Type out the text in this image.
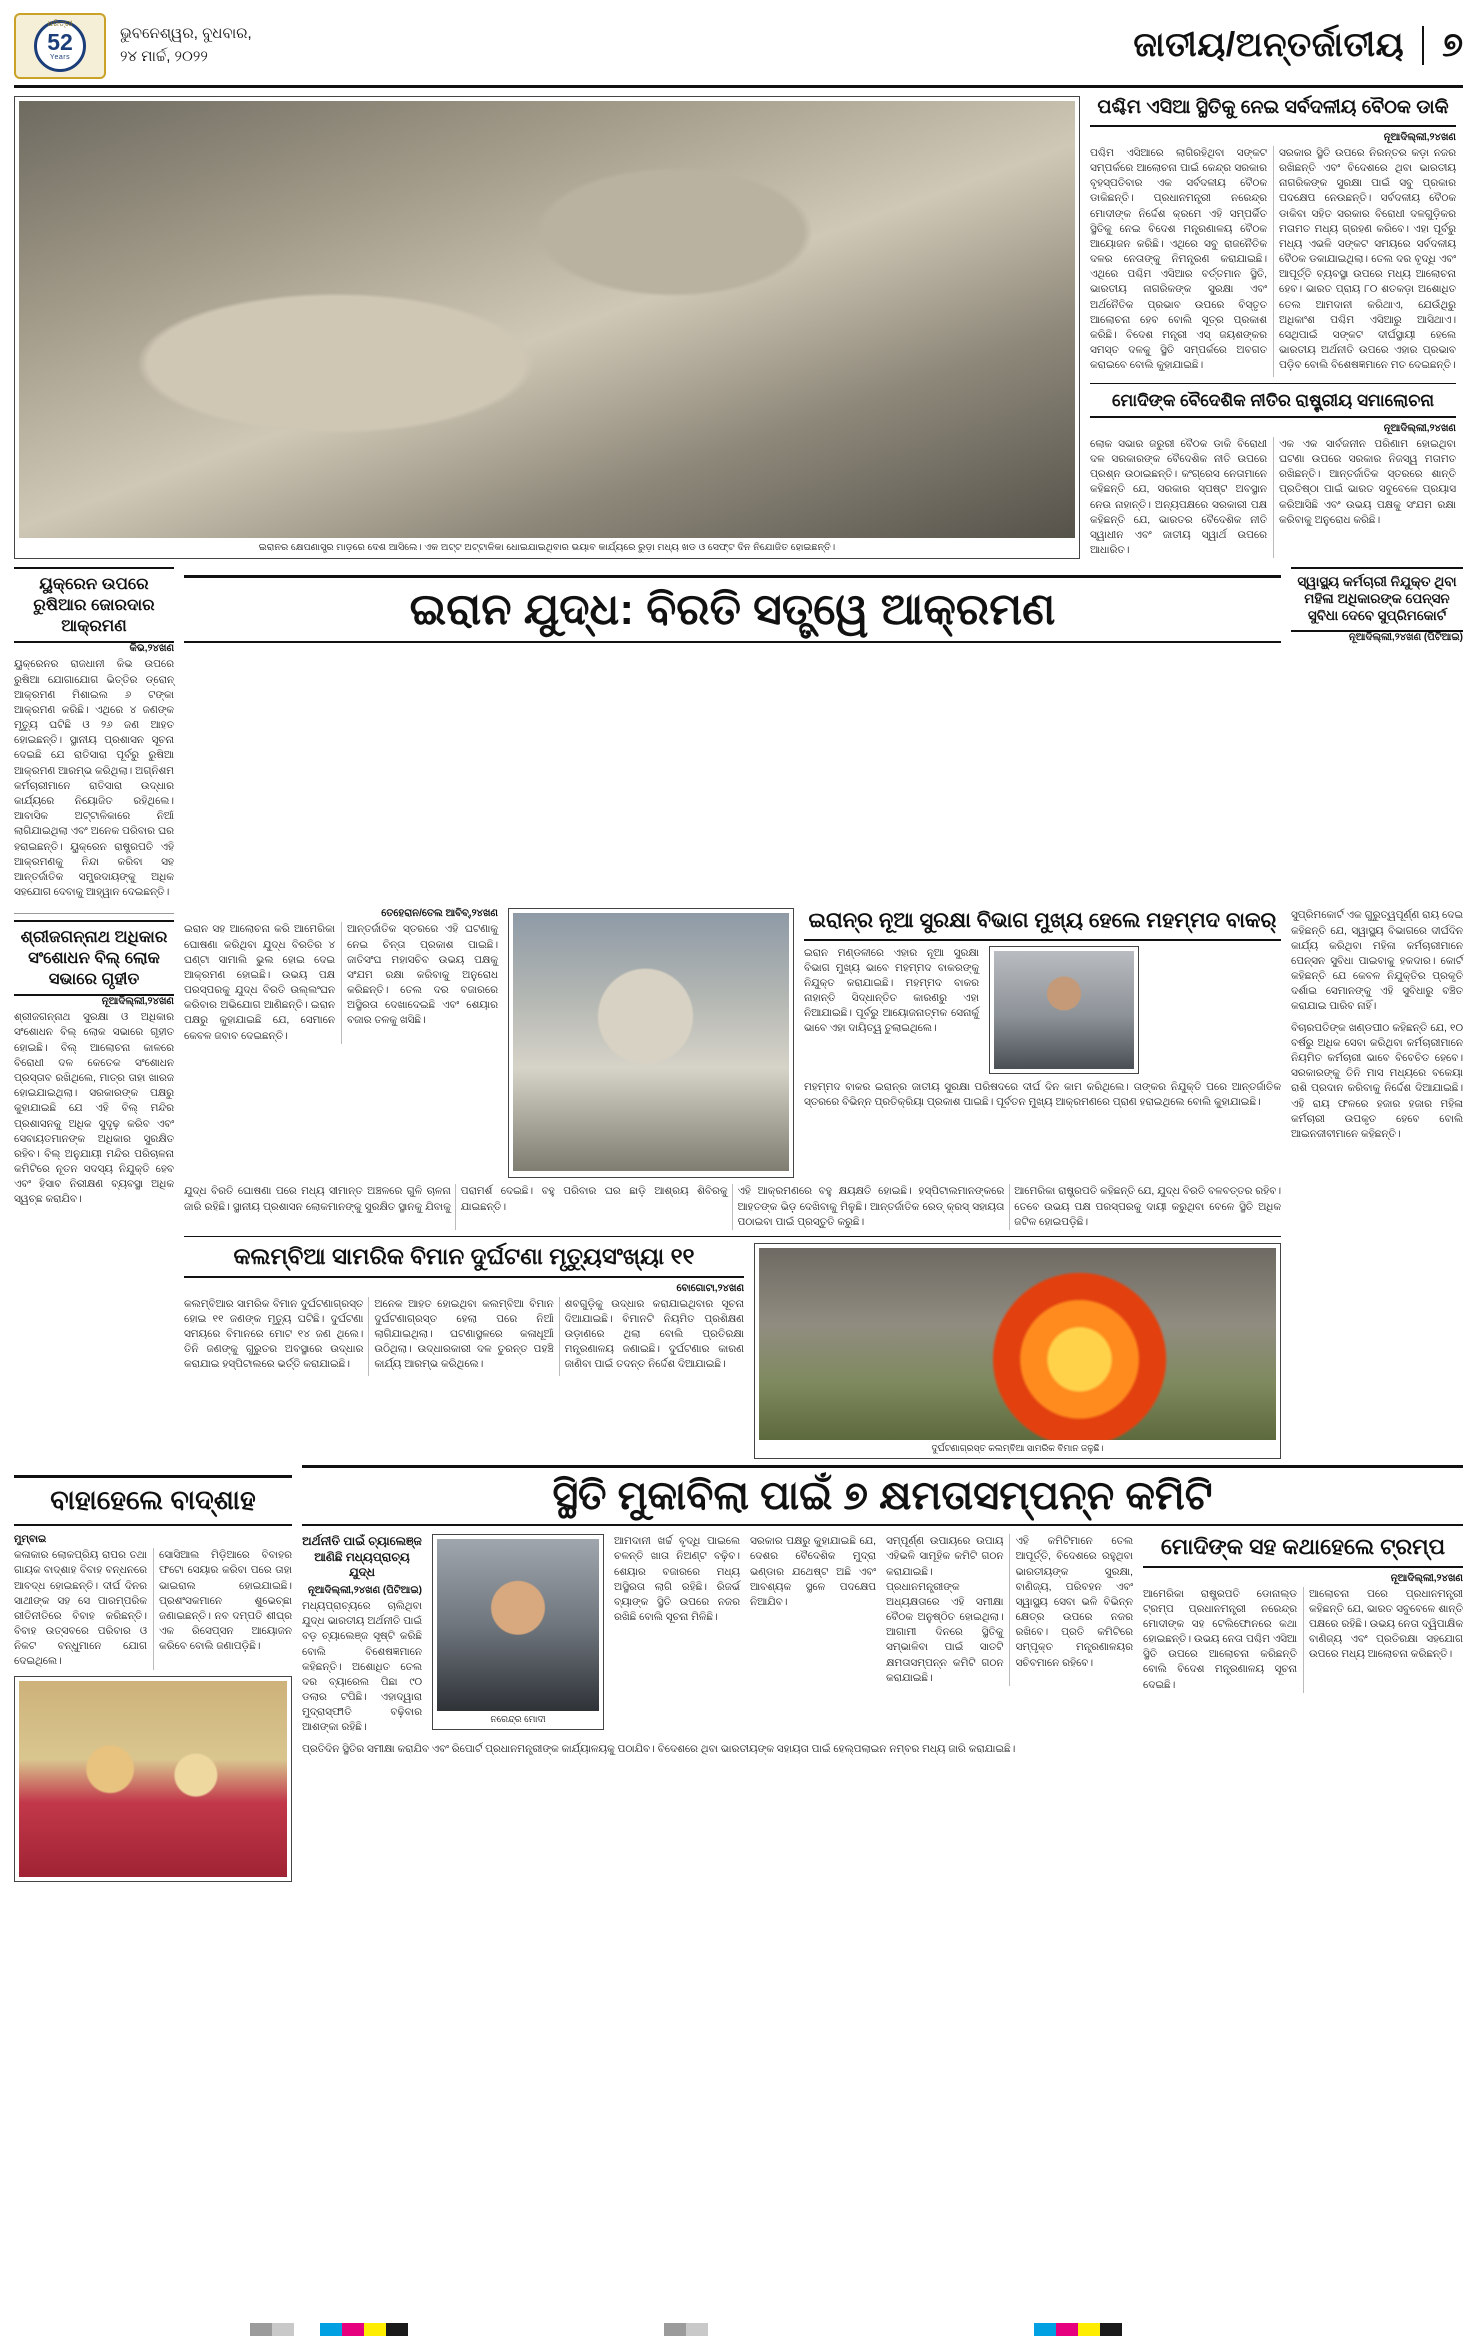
ଧରିତ୍ରୀ
52
Years
ଭୁବନେଶ୍ୱର, ବୁଧବାର,
୨୪ ମାର୍ଚ୍ଚ, ୨୦୨୨	ଜାତୀୟ/ଅନ୍ତର୍ଜାତୀୟ	୭
ଇରାନର କ୍ଷେପଣାସ୍ତ୍ର ମାଡ଼ରେ ଦେଶ ଆସିଲେ। ଏକ ଅଟ୍ଟ ଅଟ୍ଟାଳିକା ଧୋଇଯାଇଥିବାର ଭୟାବ କାର୍ଯ୍ୟରେ ରୁଡ଼ା ମଧ୍ୟ ଖଡ ଓ ସେଫ୍ଟ ଦିନ ନିଯୋଜିତ ହୋଇଛନ୍ତି।
ପଶ୍ଚିମ ଏସିଆ ସ୍ଥିତିକୁ ନେଇ ସର୍ବଦଳୀୟ ବୈଠକ ଡାକି
ନୂଆଦିଲ୍ଲୀ,୨୪ଖଣ

ପଶ୍ଚିମ ଏସିଆରେ ଲାଗିରହିଥିବା ସଙ୍କଟ ସମ୍ପର୍କରେ ଆଲୋଚନା ପାଇଁ କେନ୍ଦ୍ର ସରକାର ବୃହସ୍ପତିବାର ଏକ ସର୍ବଦଳୀୟ ବୈଠକ ଡାକିଛନ୍ତି। ପ୍ରଧାନମନ୍ତ୍ରୀ ନରେନ୍ଦ୍ର ମୋଦୀଙ୍କ ନିର୍ଦ୍ଦେଶ କ୍ରମେ ଏହି ସମ୍ପର୍କିତ ସ୍ଥିତିକୁ ନେଇ ବିଦେଶ ମନ୍ତ୍ରଣାଳୟ ବୈଠକ ଆୟୋଜନ କରିଛି। ଏଥିରେ ସବୁ ରାଜନୈତିକ ଦଳର ନେତାଙ୍କୁ ନିମନ୍ତ୍ରଣ କରାଯାଇଛି। ଏଥିରେ ପଶ୍ଚିମ ଏସିଆର ବର୍ତ୍ତମାନ ସ୍ଥିତି, ଭାରତୀୟ ନାଗରିକଙ୍କ ସୁରକ୍ଷା ଏବଂ ଅର୍ଥନୈତିକ ପ୍ରଭାବ ଉପରେ ବିସ୍ତୃତ ଆଲୋଚନା ହେବ ବୋଲି ସୂତ୍ର ପ୍ରକାଶ କରିଛି। ବିଦେଶ ମନ୍ତ୍ରୀ ଏସ୍ ଜୟଶଙ୍କର ସମସ୍ତ ଦଳକୁ ସ୍ଥିତି ସମ୍ପର୍କରେ ଅବଗତ କରାଇବେ ବୋଲି କୁହାଯାଇଛି।

ସରକାର ସ୍ଥିତି ଉପରେ ନିରନ୍ତର କଡ଼ା ନଜର ରଖିଛନ୍ତି ଏବଂ ବିଦେଶରେ ଥିବା ଭାରତୀୟ ନାଗରିକଙ୍କ ସୁରକ୍ଷା ପାଇଁ ସବୁ ପ୍ରକାର ପଦକ୍ଷେପ ନେଉଛନ୍ତି। ସର୍ବଦଳୀୟ ବୈଠକ ଡାକିବା ସହିତ ସରକାର ବିରୋଧୀ ଦଳଗୁଡ଼ିକର ମତାମତ ମଧ୍ୟ ଗ୍ରହଣ କରିବେ। ଏହା ପୂର୍ବରୁ ମଧ୍ୟ ଏଭଳି ସଙ୍କଟ ସମୟରେ ସର୍ବଦଳୀୟ ବୈଠକ ଡକାଯାଇଥିଲା। ତେଲ ଦର ବୃଦ୍ଧି ଏବଂ ଆପୂର୍ତ୍ତି ବ୍ୟବସ୍ଥା ଉପରେ ମଧ୍ୟ ଆଲୋଚନା ହେବ। ଭାରତ ପ୍ରାୟ ୮୦ ଶତକଡ଼ା ଅଶୋଧିତ ତେଲ ଆମଦାନୀ କରିଥାଏ, ଯେଉଁଥିରୁ ଅଧିକାଂଶ ପଶ୍ଚିମ ଏସିଆରୁ ଆସିଥାଏ। ସେଥିପାଇଁ ସଙ୍କଟ ଦୀର୍ଘସ୍ଥାୟୀ ହେଲେ ଭାରତୀୟ ଅର୍ଥନୀତି ଉପରେ ଏହାର ପ୍ରଭାବ ପଡ଼ିବ ବୋଲି ବିଶେଷଜ୍ଞମାନେ ମତ ଦେଇଛନ୍ତି।

ମୋଦିଙ୍କ ବୈଦେଶିକ ନୀତିର ରାଷ୍ଟ୍ରୀୟ ସମାଲୋଚନା
ନୂଆଦିଲ୍ଲୀ,୨୪ଖଣ

ଲୋକ ସଭାର ଜରୁରୀ ବୈଠକ ଡାକି ବିରୋଧୀ ଦଳ ସରକାରଙ୍କ ବୈଦେଶିକ ନୀତି ଉପରେ ପ୍ରଶ୍ନ ଉଠାଇଛନ୍ତି। କଂଗ୍ରେସ ନେତାମାନେ କହିଛନ୍ତି ଯେ, ସରକାର ସ୍ପଷ୍ଟ ଅବସ୍ଥାନ ନେଉ ନାହାନ୍ତି। ଅନ୍ୟପକ୍ଷରେ ସରକାରୀ ପକ୍ଷ କହିଛନ୍ତି ଯେ, ଭାରତର ବୈଦେଶିକ ନୀତି ସ୍ୱାଧୀନ ଏବଂ ଜାତୀୟ ସ୍ୱାର୍ଥ ଉପରେ ଆଧାରିତ।

ଏକ ଏକ ସାର୍ବଜନୀନ ପରିଣାମ ହୋଇଥିବା ଘଟଣା ଉପରେ ସରକାର ନିଜସ୍ୱ ମତାମତ ରଖିଛନ୍ତି। ଆନ୍ତର୍ଜାତିକ ସ୍ତରରେ ଶାନ୍ତି ପ୍ରତିଷ୍ଠା ପାଇଁ ଭାରତ ସବୁବେଳେ ପ୍ରୟାସ କରିଆସିଛି ଏବଂ ଉଭୟ ପକ୍ଷକୁ ସଂଯମ ରକ୍ଷା କରିବାକୁ ଅନୁରୋଧ କରିଛି।

ୟୁକ୍ରେନ ଉପରେ ରୁଷିଆର ଜୋରଦାର ଆକ୍ରମଣ
କିଭ,୨୪ଖଣ

ୟୁକ୍ରେନର ରାଜଧାନୀ କିଭ ଉପରେ ରୁଷିଆ ଯୋଗାଯୋଗ ଭିତ୍ତିର ଡ୍ରୋନ୍ ଆକ୍ରମଣ ମିଶାଇଲ ୬ ଟଙ୍କା ଆକ୍ରମଣ କରିଛି। ଏଥିରେ ୪ ଜଣଙ୍କ ମୃତ୍ୟୁ ଘଟିଛି ଓ ୨୬ ଜଣ ଆହତ ହୋଇଛନ୍ତି। ସ୍ଥାନୀୟ ପ୍ରଶାସନ ସୂଚନା ଦେଇଛି ଯେ ରାତିସାରା ପୂର୍ବରୁ ରୁଷିଆ ଆକ୍ରମଣ ଆରମ୍ଭ କରିଥିଲା। ଅଗ୍ନିଶମ କର୍ମଚାରୀମାନେ ରାତିସାରା ଉଦ୍ଧାର କାର୍ଯ୍ୟରେ ନିୟୋଜିତ ରହିଥିଲେ। ଆବାସିକ ଅଟ୍ଟାଳିକାରେ ନିଆଁ ଲାଗିଯାଇଥିଲା ଏବଂ ଅନେକ ପରିବାର ଘର ହରାଇଛନ୍ତି। ୟୁକ୍ରେନ ରାଷ୍ଟ୍ରପତି ଏହି ଆକ୍ରମଣକୁ ନିନ୍ଦା କରିବା ସହ ଆନ୍ତର୍ଜାତିକ ସମ୍ପ୍ରଦାୟଙ୍କୁ ଅଧିକ ସହଯୋଗ ଦେବାକୁ ଆହ୍ୱାନ ଦେଇଛନ୍ତି।

ଇରାନ ଯୁଦ୍ଧ: ବିରତି ସତ୍ତ୍ୱେ ଆକ୍ରମଣ
ସ୍ୱାସ୍ଥ୍ୟ କର୍ମଚାରୀ ନିଯୁକ୍ତ ଥିବା ମହିଳା ଅଧିକାରଙ୍କ ପେନ୍‌ସନ ସୁବିଧା ଦେବେ ସୁପ୍ରିମକୋର୍ଟ
ନୂଆଦିଲ୍ଲୀ,୨୪ଖଣ (ପିଟିଆଇ)
ଶ୍ରୀଜଗନ୍ନାଥ ଅଧିକାର ସଂଶୋଧନ ବିଲ୍ ଲୋକ ସଭାରେ ଗୃହୀତ
ନୂଆଦିଲ୍ଲୀ,୨୪ଖଣ

ଶ୍ରୀଜଗନ୍ନାଥ ସୁରକ୍ଷା ଓ ଅଧିକାର ସଂଶୋଧନ ବିଲ୍ ଲୋକ ସଭାରେ ଗୃହୀତ ହୋଇଛି। ବିଲ୍ ଆଲୋଚନା କାଳରେ ବିରୋଧୀ ଦଳ କେତେକ ସଂଶୋଧନ ପ୍ରସ୍ତାବ ରଖିଥିଲେ, ମାତ୍ର ତାହା ଖାରଜ ହୋଇଯାଇଥିଲା। ସରକାରଙ୍କ ପକ୍ଷରୁ କୁହାଯାଇଛି ଯେ ଏହି ବିଲ୍ ମନ୍ଦିର ପ୍ରଶାସନକୁ ଅଧିକ ସୁଦୃଢ଼ କରିବ ଏବଂ ସେବାୟତମାନଙ୍କ ଅଧିକାର ସୁରକ୍ଷିତ ରହିବ। ବିଲ୍ ଅନୁଯାୟୀ ମନ୍ଦିର ପରିଚାଳନା କମିଟିରେ ନୂତନ ସଦସ୍ୟ ନିଯୁକ୍ତି ହେବ ଏବଂ ହିସାବ ନିରୀକ୍ଷଣ ବ୍ୟବସ୍ଥା ଅଧିକ ସ୍ୱଚ୍ଛ କରାଯିବ।

ତେହେରାନ/ତେଲ ଆବିବ୍,୨୪ଖଣ

ଇରାନ ସହ ଆଲୋଚନା କରି ଆମେରିକା ଘୋଷଣା କରିଥିବା ଯୁଦ୍ଧ ବିରତିର ୪ ଘଣ୍ଟା ସାମାଲି ଭୁଲ ହୋଇ ଦେଇ ଆକ୍ରମଣ ହୋଇଛି। ଉଭୟ ପକ୍ଷ ପରସ୍ପରକୁ ଯୁଦ୍ଧ ବିରତି ଉଲ୍ଲଂଘନ କରିବାର ଅଭିଯୋଗ ଆଣିଛନ୍ତି। ଇରାନ ପକ୍ଷରୁ କୁହାଯାଇଛି ଯେ, ସେମାନେ କେବଳ ଜବାବ ଦେଇଛନ୍ତି।

ଆନ୍ତର୍ଜାତିକ ସ୍ତରରେ ଏହି ଘଟଣାକୁ ନେଇ ଚିନ୍ତା ପ୍ରକାଶ ପାଇଛି। ଜାତିସଂଘ ମହାସଚିବ ଉଭୟ ପକ୍ଷକୁ ସଂଯମ ରକ୍ଷା କରିବାକୁ ଅନୁରୋଧ କରିଛନ୍ତି। ତେଲ ଦର ବଜାରରେ ଅସ୍ଥିରତା ଦେଖାଦେଇଛି ଏବଂ ଶେୟାର ବଜାର ତଳକୁ ଖସିଛି।

ଇରାନ୍‌ର ନୂଆ ସୁରକ୍ଷା ବିଭାଗ ମୁଖ୍ୟ ହେଲେ ମହମ୍ମଦ ବାକର୍

ଇରାନ ମଣ୍ଡଳୀରେ ଏହାର ନୂଆ ସୁରକ୍ଷା ବିଭାଗ ମୁଖ୍ୟ ଭାବେ ମହମ୍ମଦ ବାକରଙ୍କୁ ନିଯୁକ୍ତ କରାଯାଇଛି। ମହମ୍ମଦ ବାକର ନାହାନ୍ତି ସିଦ୍ଧାନ୍ତିତ କାରଣରୁ ଏହା ନିଆଯାଇଛି। ପୂର୍ବରୁ ଆୟୋଜନାତ୍ମକ ସେନାର୍କୁ ଭାବେ ଏହା ଦାୟିତ୍ୱ ତୁଲାଇଥିଲେ।

ମହମ୍ମଦ ବାକର ଇରାନ୍‌ର ଜାତୀୟ ସୁରକ୍ଷା ପରିଷଦରେ ଦୀର୍ଘ ଦିନ କାମ କରିଥିଲେ। ତାଙ୍କର ନିଯୁକ୍ତି ପରେ ଆନ୍ତର୍ଜାତିକ ସ୍ତରରେ ବିଭିନ୍ନ ପ୍ରତିକ୍ରିୟା ପ୍ରକାଶ ପାଇଛି। ପୂର୍ବତନ ମୁଖ୍ୟ ଆକ୍ରମଣରେ ପ୍ରାଣ ହରାଇଥିଲେ ବୋଲି କୁହାଯାଇଛି।

ଯୁଦ୍ଧ ବିରତି ଘୋଷଣା ପରେ ମଧ୍ୟ ସୀମାନ୍ତ ଅଞ୍ଚଳରେ ଗୁଳି ଚାଳନା ଜାରି ରହିଛି। ସ୍ଥାନୀୟ ପ୍ରଶାସନ ଲୋକମାନଙ୍କୁ ସୁରକ୍ଷିତ ସ୍ଥାନକୁ ଯିବାକୁ ପରାମର୍ଶ ଦେଇଛି। ବହୁ ପରିବାର ଘର ଛାଡ଼ି ଆଶ୍ରୟ ଶିବିରକୁ ଯାଇଛନ୍ତି।

ଏହି ଆକ୍ରମଣରେ ବହୁ କ୍ଷୟକ୍ଷତି ହୋଇଛି। ହସ୍ପିଟାଲମାନଙ୍କରେ ଆହତଙ୍କ ଭିଡ଼ ଦେଖିବାକୁ ମିଳୁଛି। ଆନ୍ତର୍ଜାତିକ ରେଡ୍ କ୍ରସ୍ ସହାୟତା ପଠାଇବା ପାଇଁ ପ୍ରସ୍ତୁତି କରୁଛି।

ଆମେରିକା ରାଷ୍ଟ୍ରପତି କହିଛନ୍ତି ଯେ, ଯୁଦ୍ଧ ବିରତି ବଳବତ୍ତର ରହିବ। ତେବେ ଉଭୟ ପକ୍ଷ ପରସ୍ପରକୁ ଦାୟୀ କରୁଥିବା ବେଳେ ସ୍ଥିତି ଅଧିକ ଜଟିଳ ହୋଇପଡ଼ିଛି।

କଲମ୍ବିଆ ସାମରିକ ବିମାନ ଦୁର୍ଘଟଣା ମୃତ୍ୟୁସଂଖ୍ୟା ୧୧
ବୋଗୋଟା,୨୪ଖଣ

କଲମ୍ବିଆର ସାମରିକ ବିମାନ ଦୁର୍ଘଟଣାଗ୍ରସ୍ତ ହୋଇ ୧୧ ଜଣଙ୍କ ମୃତ୍ୟୁ ଘଟିଛି। ଦୁର୍ଘଟଣା ସମୟରେ ବିମାନରେ ମୋଟ ୧୪ ଜଣ ଥିଲେ। ତିନି ଜଣଙ୍କୁ ଗୁରୁତର ଅବସ୍ଥାରେ ଉଦ୍ଧାର କରାଯାଇ ହସ୍ପିଟାଲରେ ଭର୍ତ୍ତି କରାଯାଇଛି।

ଅନେକ ଆହତ ହୋଇଥିବା କଲମ୍ବିଆ ବିମାନ ଦୁର୍ଘଟଣାଗ୍ରସ୍ତ ହେଲା ପରେ ନିଆଁ ଲାଗିଯାଇଥିଲା। ଘଟଣାସ୍ଥଳରେ କଳାଧୂଆଁ ଉଠିଥିଲା। ଉଦ୍ଧାରକାରୀ ଦଳ ତୁରନ୍ତ ପହଞ୍ଚି କାର୍ଯ୍ୟ ଆରମ୍ଭ କରିଥିଲେ।

ଶବଗୁଡ଼ିକୁ ଉଦ୍ଧାର କରାଯାଇଥିବାର ସୂଚନା ଦିଆଯାଇଛି। ବିମାନଟି ନିୟମିତ ପ୍ରଶିକ୍ଷଣ ଉଡ଼ାଣରେ ଥିଲା ବୋଲି ପ୍ରତିରକ୍ଷା ମନ୍ତ୍ରଣାଳୟ ଜଣାଇଛି। ଦୁର୍ଘଟଣାର କାରଣ ଜାଣିବା ପାଇଁ ତଦନ୍ତ ନିର୍ଦ୍ଦେଶ ଦିଆଯାଇଛି।

ଦୁର୍ଘଟଣାଗ୍ରସ୍ତ କଲମ୍ବିଆ ସାମରିକ ବିମାନ ଜଳୁଛି।

ସୁପ୍ରିମକୋର୍ଟ ଏକ ଗୁରୁତ୍ୱପୂର୍ଣ୍ଣ ରାୟ ଦେଇ କହିଛନ୍ତି ଯେ, ସ୍ୱାସ୍ଥ୍ୟ ବିଭାଗରେ ଦୀର୍ଘଦିନ କାର୍ଯ୍ୟ କରିଥିବା ମହିଳା କର୍ମଚାରୀମାନେ ପେନ୍‌ସନ ସୁବିଧା ପାଇବାକୁ ହକଦାର। କୋର୍ଟ କହିଛନ୍ତି ଯେ କେବଳ ନିଯୁକ୍ତିର ପ୍ରକୃତି ଦର୍ଶାଇ ସେମାନଙ୍କୁ ଏହି ସୁବିଧାରୁ ବଞ୍ଚିତ କରାଯାଇ ପାରିବ ନାହିଁ।

ବିଚାରପତିଙ୍କ ଖଣ୍ଡପୀଠ କହିଛନ୍ତି ଯେ, ୧୦ ବର୍ଷରୁ ଅଧିକ ସେବା କରିଥିବା କର୍ମଚାରୀମାନେ ନିୟମିତ କର୍ମଚାରୀ ଭାବେ ବିବେଚିତ ହେବେ। ସରକାରଙ୍କୁ ତିନି ମାସ ମଧ୍ୟରେ ବକେୟା ରାଶି ପ୍ରଦାନ କରିବାକୁ ନିର୍ଦ୍ଦେଶ ଦିଆଯାଇଛି। ଏହି ରାୟ ଫଳରେ ହଜାର ହଜାର ମହିଳା କର୍ମଚାରୀ ଉପକୃତ ହେବେ ବୋଲି ଆଇନଜୀବୀମାନେ କହିଛନ୍ତି।

ବାହାହେଲେ ବାଦ୍‌ଶାହ	ସ୍ଥିତି ମୁକାବିଲା ପାଇଁ ୭ କ୍ଷମତାସମ୍ପନ୍ନ କମିଟି
ମୁମ୍ବାଇ

କଳାକାର ଲୋକପ୍ରିୟ ରାପର ତଥା ଗାୟକ ବାଦ୍‌ଶାହ ବିବାହ ବନ୍ଧନରେ ଆବଦ୍ଧ ହୋଇଛନ୍ତି। ଦୀର୍ଘ ଦିନର ସାଥୀଙ୍କ ସହ ସେ ପାରମ୍ପରିକ ରୀତିନୀତିରେ ବିବାହ କରିଛନ୍ତି। ବିବାହ ଉତ୍ସବରେ ପରିବାର ଓ ନିକଟ ବନ୍ଧୁମାନେ ଯୋଗ ଦେଇଥିଲେ।

ସୋସିଆଲ ମିଡ଼ିଆରେ ବିବାହର ଫଟୋ ସେୟାର କରିବା ପରେ ତାହା ଭାଇରାଲ ହୋଇଯାଇଛି। ପ୍ରଶଂସକମାନେ ଶୁଭେଚ୍ଛା ଜଣାଇଛନ୍ତି। ନବ ଦମ୍ପତି ଶୀଘ୍ର ଏକ ରିସେପ୍ସନ ଆୟୋଜନ କରିବେ ବୋଲି ଜଣାପଡ଼ିଛି।

ଅର୍ଥନୀତି ପାଇଁ ଚ୍ୟାଲେଞ୍ଜ ଆଣିଛି ମଧ୍ୟପ୍ରାଚ୍ୟ ଯୁଦ୍ଧ
ନୂଆଦିଲ୍ଲୀ,୨୪ଖଣ (ପିଟିଆଇ)

ମଧ୍ୟପ୍ରାଚ୍ୟରେ ଚାଲିଥିବା ଯୁଦ୍ଧ ଭାରତୀୟ ଅର୍ଥନୀତି ପାଇଁ ବଡ଼ ଚ୍ୟାଲେଞ୍ଜ ସୃଷ୍ଟି କରିଛି ବୋଲି ବିଶେଷଜ୍ଞମାନେ କହିଛନ୍ତି। ଅଶୋଧିତ ତେଲ ଦର ବ୍ୟାରେଲ ପିଛା ୯୦ ଡଲାର ଟପିଛି। ଏହାଦ୍ୱାରା ମୁଦ୍ରାସ୍ଫୀତି ବଢ଼ିବାର ଆଶଙ୍କା ରହିଛି।

ନରେନ୍ଦ୍ର ମୋଦୀ

ଆମଦାନୀ ଖର୍ଚ୍ଚ ବୃଦ୍ଧି ପାଇଲେ ଚଳନ୍ତି ଖାତା ନିଅଣ୍ଟ ବଢ଼ିବ। ଶେୟାର ବଜାରରେ ମଧ୍ୟ ଅସ୍ଥିରତା ଲାଗି ରହିଛି। ରିଜର୍ଭ ବ୍ୟାଙ୍କ ସ୍ଥିତି ଉପରେ ନଜର ରଖିଛି ବୋଲି ସୂଚନା ମିଳିଛି।

ସରକାର ପକ୍ଷରୁ କୁହାଯାଇଛି ଯେ, ଦେଶର ବୈଦେଶିକ ମୁଦ୍ରା ଭଣ୍ଡାର ଯଥେଷ୍ଟ ଅଛି ଏବଂ ଆବଶ୍ୟକ ସ୍ଥଳେ ପଦକ୍ଷେପ ନିଆଯିବ।

ସମ୍ପୂର୍ଣ୍ଣ ଉପାୟରେ ଉପାୟ ଏହିଭଳି ସାମୂହିକ କମିଟି ଗଠନ କରାଯାଇଛି। ପ୍ରଧାନମନ୍ତ୍ରୀଙ୍କ ଅଧ୍ୟକ୍ଷତାରେ ଏହି ସମୀକ୍ଷା ବୈଠକ ଅନୁଷ୍ଠିତ ହୋଇଥିଲା। ଆଗାମୀ ଦିନରେ ସ୍ଥିତିକୁ ସମ୍ଭାଳିବା ପାଇଁ ସାତଟି କ୍ଷମତାସମ୍ପନ୍ନ କମିଟି ଗଠନ କରାଯାଇଛି।

ଏହି କମିଟିମାନେ ତେଲ ଆପୂର୍ତ୍ତି, ବିଦେଶରେ ରହୁଥିବା ଭାରତୀୟଙ୍କ ସୁରକ୍ଷା, ବାଣିଜ୍ୟ, ପରିବହନ ଏବଂ ସ୍ୱାସ୍ଥ୍ୟ ସେବା ଭଳି ବିଭିନ୍ନ କ୍ଷେତ୍ର ଉପରେ ନଜର ରଖିବେ। ପ୍ରତି କମିଟିରେ ସମ୍ପୃକ୍ତ ମନ୍ତ୍ରଣାଳୟର ସଚିବମାନେ ରହିବେ।

ପ୍ରତିଦିନ ସ୍ଥିତିର ସମୀକ୍ଷା କରାଯିବ ଏବଂ ରିପୋର୍ଟ ପ୍ରଧାନମନ୍ତ୍ରୀଙ୍କ କାର୍ଯ୍ୟାଳୟକୁ ପଠାଯିବ। ବିଦେଶରେ ଥିବା ଭାରତୀୟଙ୍କ ସହାୟତା ପାଇଁ ହେଲ୍ପଲାଇନ ନମ୍ବର ମଧ୍ୟ ଜାରି କରାଯାଇଛି।

ମୋଦିଙ୍କ ସହ କଥାହେଲେ ଟ୍ରମ୍ପ
ନୂଆଦିଲ୍ଲୀ,୨୪ଖଣ

ଆମେରିକା ରାଷ୍ଟ୍ରପତି ଡୋନାଲ୍ଡ ଟ୍ରମ୍ପ ପ୍ରଧାନମନ୍ତ୍ରୀ ନରେନ୍ଦ୍ର ମୋଦୀଙ୍କ ସହ ଟେଲିଫୋନରେ କଥା ହୋଇଛନ୍ତି। ଉଭୟ ନେତା ପଶ୍ଚିମ ଏସିଆ ସ୍ଥିତି ଉପରେ ଆଲୋଚନା କରିଛନ୍ତି ବୋଲି ବିଦେଶ ମନ୍ତ୍ରଣାଳୟ ସୂଚନା ଦେଇଛି।

ଆଲୋଚନା ପରେ ପ୍ରଧାନମନ୍ତ୍ରୀ କହିଛନ୍ତି ଯେ, ଭାରତ ସବୁବେଳେ ଶାନ୍ତି ପକ୍ଷରେ ରହିଛି। ଉଭୟ ନେତା ଦ୍ୱିପାକ୍ଷିକ ବାଣିଜ୍ୟ ଏବଂ ପ୍ରତିରକ୍ଷା ସହଯୋଗ ଉପରେ ମଧ୍ୟ ଆଲୋଚନା କରିଛନ୍ତି।
